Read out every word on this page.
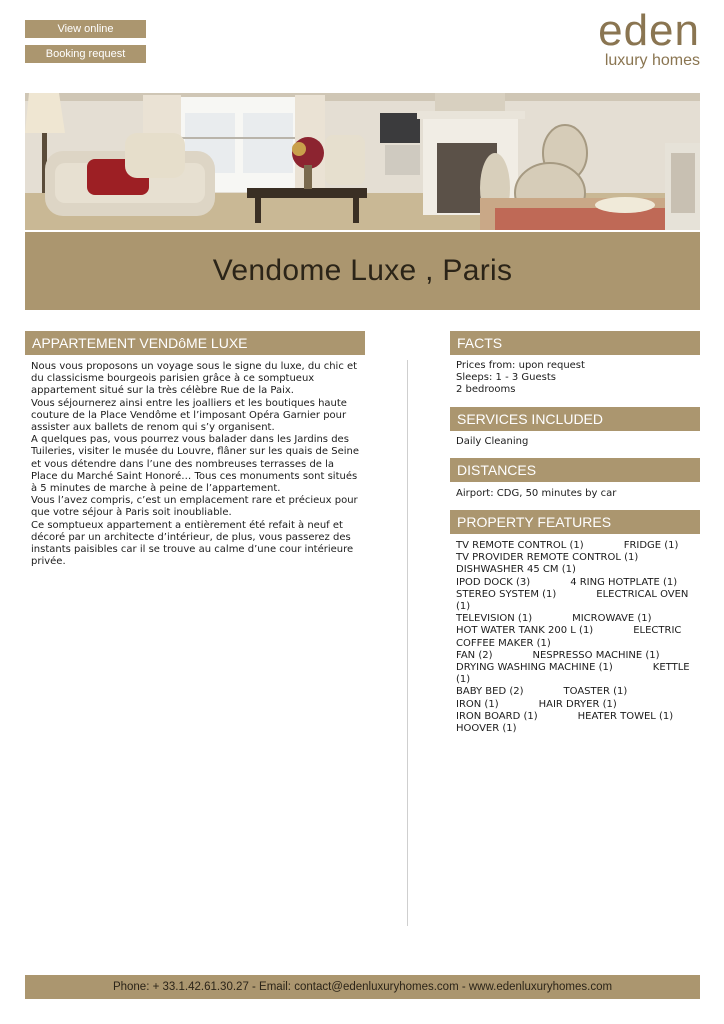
View online
Booking request	eden
luxury homes
Vendome Luxe , Paris
APPARTEMENT VENDôME LUXE

Nous vous proposons un voyage sous le signe du luxe, du chic et du classicisme bourgeois parisien grâce à ce somptueux appartement situé sur la très célèbre Rue de la Paix.

Vous séjournerez ainsi entre les joalliers et les boutiques haute couture de la Place Vendôme et l’imposant Opéra Garnier pour assister aux ballets de renom qui s’y organisent.

A quelques pas, vous pourrez vous balader dans les Jardins des Tuileries, visiter le musée du Louvre, flâner sur les quais de Seine et vous détendre dans l’une des nombreuses terrasses de la Place du Marché Saint Honoré… Tous ces monuments sont situés à 5 minutes de marche à peine de l’appartement.

Vous l’avez compris, c’est un emplacement rare et précieux pour que votre séjour à Paris soit inoubliable.

Ce somptueux appartement a entièrement été refait à neuf et décoré par un architecte d’intérieur, de plus, vous passerez des instants paisibles car il se trouve au calme d’une cour intérieure privée.

FACTS
Prices from: upon request
Sleeps: 1 - 3 Guests
2 bedrooms
SERVICES INCLUDED
Daily Cleaning
DISTANCES
Airport: CDG, 50 minutes by car
PROPERTY FEATURES
TV REMOTE CONTROL (1)	FRIDGE (1)
TV PROVIDER REMOTE CONTROL (1)
DISHWASHER 45 CM (1)
IPOD DOCK (3)	4 RING HOTPLATE (1)
STEREO SYSTEM (1)	ELECTRICAL OVEN (1)
TELEVISION (1)	MICROWAVE (1)
HOT WATER TANK 200 L (1)	ELECTRIC COFFEE MAKER (1)
FAN (2)	NESPRESSO MACHINE (1)
DRYING WASHING MACHINE (1)	KETTLE (1)
BABY BED (2)	TOASTER (1)
IRON (1)	HAIR DRYER (1)
IRON BOARD (1)	HEATER TOWEL (1)
HOOVER (1)
Phone: + 33.1.42.61.30.27 - Email: contact@edenluxuryhomes.com - www.edenluxuryhomes.com
